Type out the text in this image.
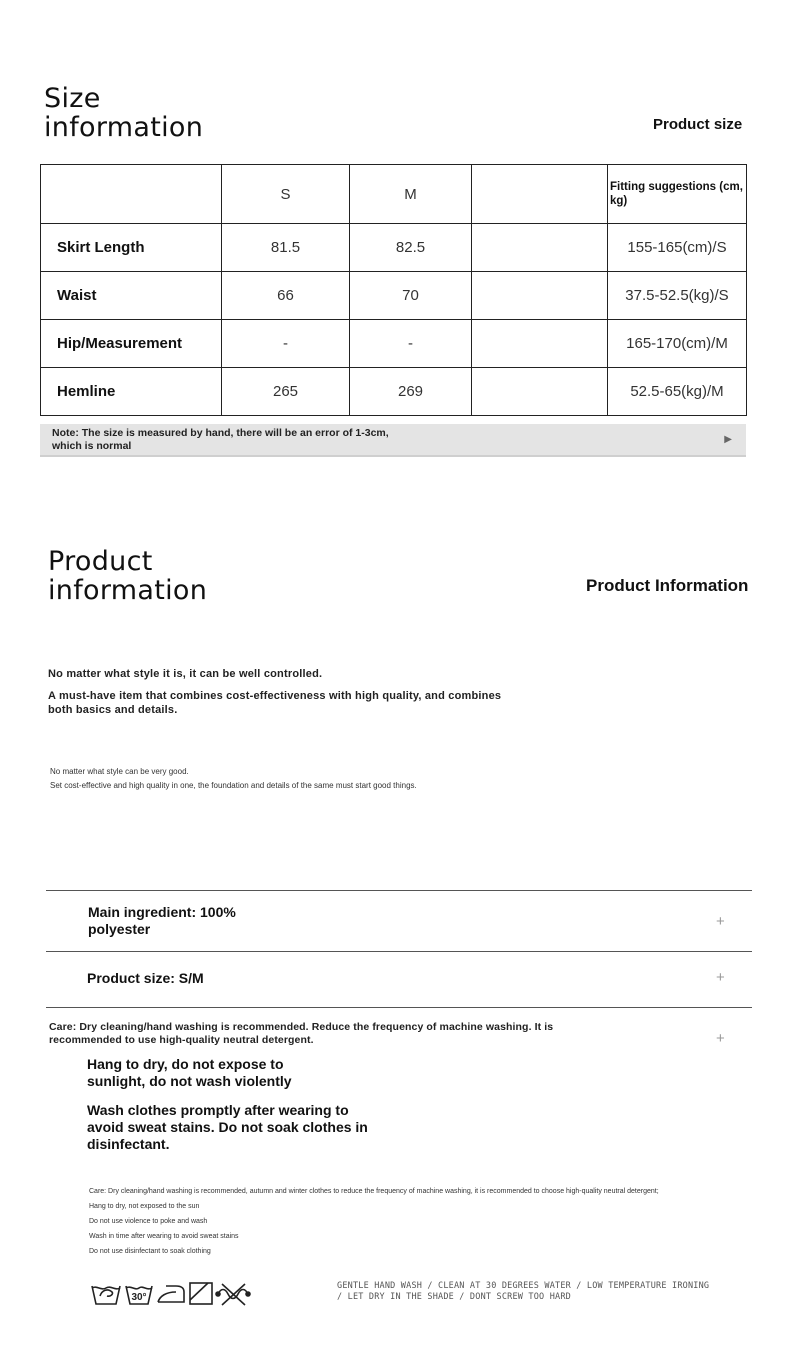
Size
information	Product size
	S	M		Fitting suggestions (cm, kg)
Skirt Length	81.5	82.5		155-165(cm)/S
Waist	66	70		37.5-52.5(kg)/S
Hip/Measurement	-	-		165-170(cm)/M
Hemline	265	269		52.5-65(kg)/M
Note: The size is measured by hand, there will be an error of 1-3cm, which is normal
▶
Product
information	Product Information
No matter what style it is, it can be well controlled.
A must-have item that combines cost-effectiveness with high quality, and combines
both basics and details.
No matter what style can be very good.
Set cost-effective and high quality in one, the foundation and details of the same must start good things.
Main ingredient: 100%
polyester	+
Product size: S/M	+
Care: Dry cleaning/hand washing is recommended. Reduce the frequency of machine washing. It is
recommended to use high-quality neutral detergent.	+
Hang to dry, do not expose to
sunlight, do not wash violently
Wash clothes promptly after wearing to
avoid sweat stains. Do not soak clothes in
disinfectant.
Care: Dry cleaning/hand washing is recommended, autumn and winter clothes to reduce the frequency of machine washing, it is recommended to choose high-quality neutral detergent;
Hang to dry, not exposed to the sun
Do not use violence to poke and wash
Wash in time after wearing to avoid sweat stains
Do not use disinfectant to soak clothing
30°
GENTLE HAND WASH / CLEAN AT 30 DEGREES WATER / LOW TEMPERATURE IRONING
/ LET DRY IN THE SHADE / DONT SCREW TOO HARD
